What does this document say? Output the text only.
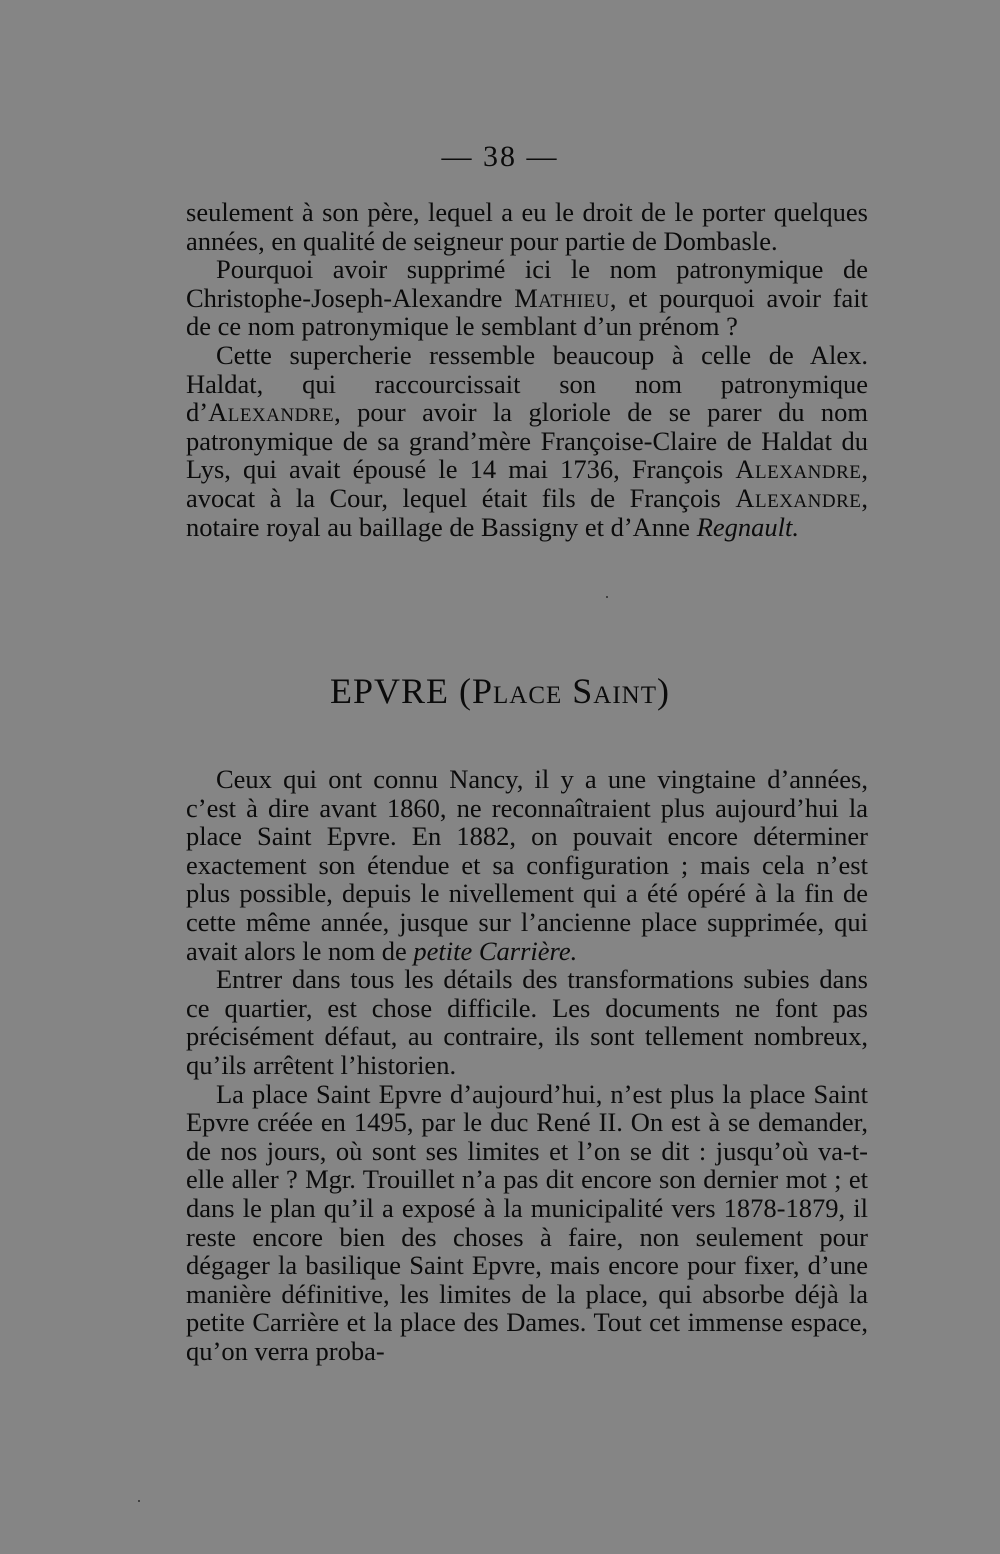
— 38 —

seulement à son père, lequel a eu le droit de le porter quelques années, en qualité de seigneur pour partie de Dombasle.

Pourquoi avoir supprimé ici le nom patronymique de Christophe-Joseph-Alexandre Mathieu, et pourquoi avoir fait de ce nom patronymique le semblant d’un prénom ?

Cette supercherie ressemble beaucoup à celle de Alex. Haldat, qui raccourcissait son nom patronymique d’Alexandre, pour avoir la gloriole de se parer du nom patronymique de sa grand’mère Françoise-Claire de Haldat du Lys, qui avait épousé le 14 mai 1736, François Alexandre, avocat à la Cour, lequel était fils de François Alexandre, notaire royal au baillage de Bassigny et d’Anne Regnault.

EPVRE (Place Saint)

Ceux qui ont connu Nancy, il y a une vingtaine d’années, c’est à dire avant 1860, ne reconnaîtraient plus aujourd’hui la place Saint Epvre. En 1882, on pouvait encore déterminer exactement son étendue et sa configuration ; mais cela n’est plus possible, depuis le nivellement qui a été opéré à la fin de cette même année, jusque sur l’ancienne place supprimée, qui avait alors le nom de petite Carrière.

Entrer dans tous les détails des transformations subies dans ce quartier, est chose difficile. Les documents ne font pas précisément défaut, au contraire, ils sont tellement nombreux, qu’ils arrêtent l’historien.

La place Saint Epvre d’aujourd’hui, n’est plus la place Saint Epvre créée en 1495, par le duc René II. On est à se demander, de nos jours, où sont ses limites et l’on se dit : jusqu’où va-t-elle aller ? Mgr. Trouillet n’a pas dit encore son dernier mot ; et dans le plan qu’il a exposé à la municipalité vers 1878-1879, il reste encore bien des choses à faire, non seulement pour dégager la basilique Saint Epvre, mais encore pour fixer, d’une manière définitive, les limites de la place, qui absorbe déjà la petite Carrière et la place des Dames. Tout cet immense espace, qu’on verra proba-
